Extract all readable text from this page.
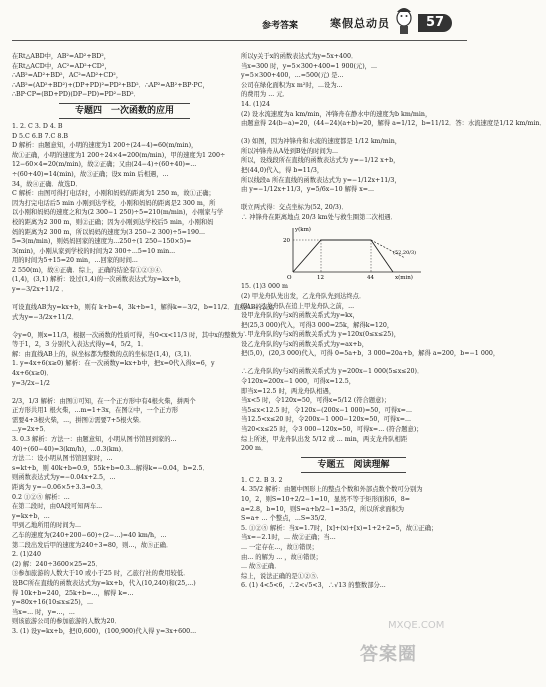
参考答案	寒假总动员	57

在Rt△ABD中，AB²=AD²+BD²，

在Rt△ACD中，AC²=AD²+CD²，

∴AB²=AD²+BD²，AC²=AD²+CD²，

∴AB²=(AD²+BD²)+(DP+PD)²=PD²+BD²．∴AP²=AB²+BP·PC，

∴BP·CP=(BD+PD)(DP−PD)=PD²−BD²．

专题四　一次函数的应用

1. 2. C 3. D 4. B

D 5.C 6.B 7.C 8.B

D 解析：由题意知，小明的速度为1 200÷(24−4)=60(m/min)，

故①正确，小明的速度为1 200÷24×4=200(m/min)，甲的速度为1 200÷

12−60×4=20(m/min)，故②正确；又由(24−4)÷(60+40)=...

÷(60+40)=14(min)，故③正确；设x min 后相遇，...

34，故④正确．故选D．

C 解析：由图可得打电话时，小刚和妈妈的距离为1 250 m，故①正确；

因为打完电话后5 min 小刚到达学校，小刚和妈妈的距离是2 300 m，所

以小刚和妈妈的速度之和为(2 300−1 250)÷5=210(m/min)，小刚家与学

校的距离为2 300 m，则②正确；因为小刚到达学校后5 min，小刚和妈

妈的距离为2 300 m，所以妈妈的速度为(3 250−2 300)÷5=190...

5=3(m/min)，则妈妈回家的速度为...250÷(1 250−150×5)=

3(min)，小刚从家到学校的时间为2 300÷...5=10 min...

用的时间为5+15=20 min，...回家的时间...

2 550(m)，故④正确．综上，正确的结论有①②③④．

(1,4)，(3,1) 解析：设过(1,4)的一次函数表达式为y=kx+b，

y=−3/2x+11/2 ．

可设直线AB为y=kx+b，则有 k+b=4，3k+b=1，解得k=−3/2，b=11/2．直线AB的表达

式为y=−3/2x+11/2．

令y=0，则x=11/3，根据一次函数的性质可得，当0<x<11/3 时，其中x的整数为

等于1，2，3 分别代入表达式得y=4，5/2，1．

解：由直线AB上的，纵坐标都为整数的点的坐标是(1,4)，(3,1)．

1. y=4x+6(x≥0) 解析：在一次函数y=kx+b中，把x=0代入得x=6，y

4x+6(x≥0)．

y=3/2x−1/2

2/3，1/3 解析：由图①可知，在一个正方形中有4根火柴，拼两个

正方形共用1 根火柴，...m=1+3x，在图②中，一个正方形

需要4+3根火柴，...，拼图②需要7+5根火柴．

...y=2x+5．

3. 0.3 解析：方法一：由题意知，小明从图书馆回到家的...

40)÷(60−40)=3(km/h)，...0.3(km)．

方法二：设小明从图书馆回家时，...

s=kt+b，则 40k+b=0.9，55k+b=0.3...解得k=−0.04，b=2.5．

则函数表达式为y=−0.04x+2.5，...

距离为 y=−0.06×5+3.3=0.3．

0.2 ①②⑤ 解析：...

在第二段时，由0A段可知两车...

y=kx+b，...

甲到乙地所用的时间为...

乙车的速度为(240+200−60)÷(2−...)=40 km/h，...

第二段出发后甲的速度为240÷3=80，则...，故⑤正确．

2. (1)240

(2) 解：240÷3600×25=25．

③参加旅游的人数大于10 或小于25 时，乙旅行社的费用较低．

设BC所在直线的函数表达式为y=kx+b，代入(10,240)和(25,...)

得 10k+b=240，25k+b=...，解得 k=...

y=80x+16(10≤x≤25)，...

当x=... 时，y=...，...

则该旅游公司的参加旅游的人数为20．

3. (1) 设y=kx+b，把(0,600)，(100,900)代入得 y=3x+600...

所以y关于x的函数表达式为y=5x+400．

当x=300 时，y=5×300+400=1 900(元)，...

y=5×300+400，...=500(元) 是...

公司在绿化面积为x m²时，...设为...

的费用为 ... 元．

14. (1)24

(2) 设水流速度为a km/min，冲锋舟在静水中的速度为b km/min，

由题意得 24(b−a)=20，(44−24)(a+b)=20，解得 a=1/12，b=11/12．答：水流速度是1/12 km/min．

(3) 如图，因为冲锋舟和水流的速度都是 1/12 km/min，

所以冲锋舟从A处到B处的时间为...

所以，设线段所在直线的函数表达式为 y=−1/12 x+b，

把(44,0)代入，得 b=11/3，

所以线段a 所在直线的函数表达式为 y=−1/12x+11/3，

由 y=−1/12x+11/3，y=5/6x−10 解得 x=...

联立两式得：交点坐标为(52, 20/3)．

∴ 冲锋舟在距离地点 20/3 km处与救生圈第二次相遇．

y(km)
20
O	12	44	x(min)
(52,20/3)

15. (1)3 000 m

(2) 甲龙舟队先出发，乙龙舟队先到达终点．

(3) ... 乙龙舟队在追上甲龙舟队之前，...

设甲龙舟队的y与x的函数关系式为y=kx，

把(25,3 000)代入，可得3 000=25k，解得k=120，

∴甲龙舟队的y与x的函数关系式为 y=120x(0≤x≤25)，

设乙龙舟队的y与x的函数关系式为y=ax+b，

把(5,0)，(20,3 000)代入，可得 0=5a+b，3 000=20a+b，解得 a=200，b=−1 000，

∴乙龙舟队的y与x的函数关系式为 y=200x−1 000(5≤x≤20)．

令120x=200x−1 000，可得x=12.5，

即当x=12.5 时，两龙舟队相遇，

当x<5 时，令120x=50，可得x=5/12 (符合题意)；

当5≤x<12.5 时，令120x−(200x−1 000)=50，可得x=...

当12.5<x≤20 时，令200x−1 000−120x=50，可得x=...

当20<x≤25 时，令3 000−120x=50，可得x=... (符合题意)；

综上所述，甲龙舟队出发 5/12 或 ... min，两支龙舟队相距

200 m．

专题五　阅读理解

1. C 2. B 3. 2

4. 35/2 解析：由题中图形上的整点个数和外部点数个数可分别为

10，2，则S=10+2/2−1=10，显然不等于矩形面积6，8=

a=2.8，b=10，则S=a+b/2−1=35/2，所以所求面积为

S=a+ ... 个整点，...S=35/2．

5. ①②⑤ 解析：当x=1.7时，[x]+(x)+[x)=1+2+2=5，故①正确；

当x=−2.1时，... 故②正确；当...

... 一定存在...，故③错误；

由... 的解为 ... ，故④错误；

... 故⑤正确．

综上，说法正确的是①②⑤．

6. (1) 4<5<6，∴2<√5<3，∴√13 的整数部分...

MXQE.COM
答案圈
